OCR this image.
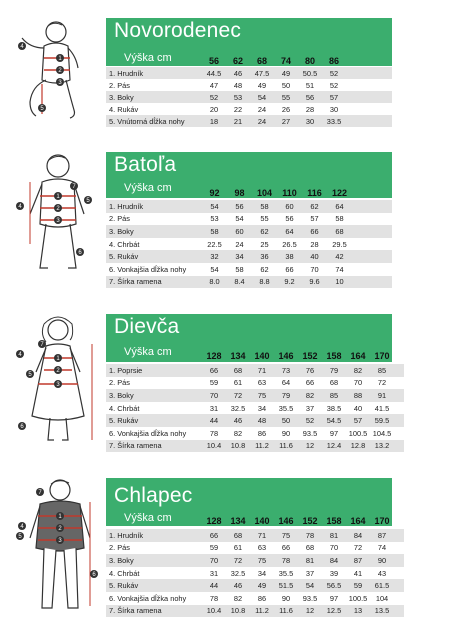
1
2
3
4
5
Novorodenec
Výška cm	56	62	68	74	80	86
1. Hrudník	44.5	46	47.5	49	50.5	52
2. Pás	47	48	49	50	51	52
3. Boky	52	53	54	55	56	57
4. Rukáv	20	22	24	26	28	30
5. Vnútorná dĺžka nohy	18	21	24	27	30	33.5
1
2
3
4
5
6
7
Batoľa
Výška cm	92	98	104	110	116	122
1. Hrudník	54	56	58	60	62	64
2. Pás	53	54	55	56	57	58
3. Boky	58	60	62	64	66	68
4. Chrbát	22.5	24	25	26.5	28	29.5
5. Rukáv	32	34	36	38	40	42
6. Vonkajšia dĺžka nohy	54	58	62	66	70	74
7. Šírka ramena	8.0	8.4	8.8	9.2	9.6	10
1
2
3
4
5
6
7
Dievča
Výška cm	128 134 140 146 152 158 164 170
1. Poprsie	66	68	71	73	76	79	82	85
2. Pás	59	61	63	64	66	68	70	72
3. Boky	70	72	75	79	82	85	88	91
4. Chrbát	31	32.5	34	35.5	37	38.5	40	41.5
5. Rukáv	44	46	48	50	52	54.5	57	59.5
6. Vonkajšia dĺžka nohy	78	82	86	90	93.5	97	100.5 104.5
7. Šírka ramena	10.4	10.8	11.2	11.6	12	12.4	12.8	13.2
1
2
3
4
5
6
7	Chlapec
Výška cm	128 134 140 146 152 158 164 170
1. Hrudník	66	68	71	75	78	81	84	87
2. Pás	59	61	63	66	68	70	72	74
3. Boky	70	72	75	78	81	84	87	90
4. Chrbát	31	32.5	34	35.5	37	39	41	43
5. Rukáv	44	46	49	51.5	54	56.5	59	61.5
6. Vonkajšia dĺžka nohy	78	82	86	90	93.5	97	100.5	104
7. Šírka ramena	10.4	10.8	11.2	11.6	12	12.5	13	13.5
